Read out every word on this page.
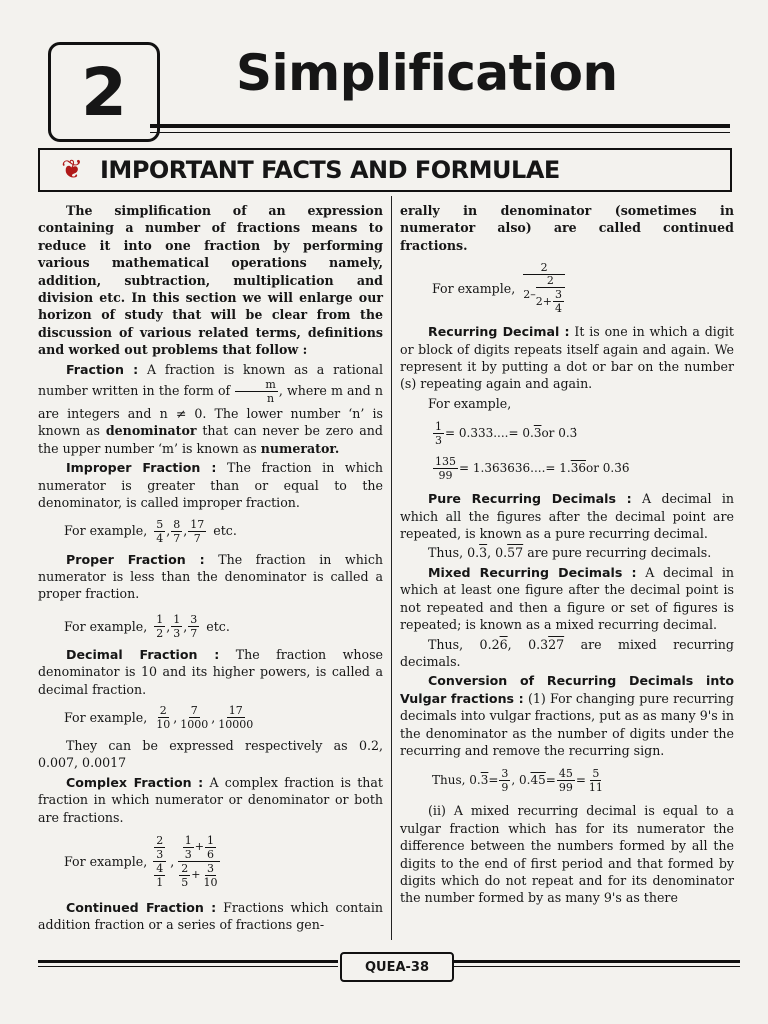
2 Simplification
❦ IMPORTANT FACTS AND FORMULAE

The simplification of an expression containing a number of fractions means to reduce it into one fraction by performing various mathematical operations namely, addition, subtraction, multiplication and division etc. In this section we will enlarge our horizon of study that will be clear from the discussion of various related terms, definitions and worked out problems that follow :

Fraction : A fraction is known as a rational number written in the form of $\frac{m}{n}$ , where m and n are integers and n ≠ 0. The lower number ‘n’ is known as denominator that can never be zero and the upper number ‘m’ is known as numerator.

Improper Fraction : The fraction in which numerator is greater than or equal to the denominator, is called improper fraction.

For example, $\frac{5}{4}$ , $\frac{8}{7}$ , $\frac{17}{7}$ etc.

Proper Fraction : The fraction in which numerator is less than the denominator is called a proper fraction.

For example, $\frac{1}{2}$ , $\frac{1}{3}$ , $\frac{3}{7}$ etc.

Decimal Fraction : The fraction whose denominator is 10 and its higher powers, is called a decimal fraction.

For example, $\frac{2}{10}$ , $\frac{7}{1000}$ , $\frac{17}{10000}$

They can be expressed respectively as 0.2, 0.007, 0.0017

Complex Fraction : A complex fraction is that fraction in which numerator or denominator or both are fractions.

For example,
$\frac{2}{3}$
$\frac{4}{1}$
,
$\frac{1}{3} + \frac{1}{6}$
$\frac{2}{5} + \frac{3}{10}$

Continued Fraction : Fractions which contain addition fraction or a series of fractions gen-

erally in denominator (sometimes in numerator also) are called continued fractions.

For example,
2
2 –
2
$2 + \frac{3}{4}$

Recurring Decimal : It is one in which a digit or block of digits repeats itself again and again. We represent it by putting a dot or bar on the number (s) repeating again and again.

For example,

$\frac{1}{3} = 0.333....= 0$. 3 or 0.3̇
$\frac{135}{99} = 1.363636....= 1$. 36 or 0.3̇6̇

Pure Recurring Decimals : A decimal in which all the figures after the decimal point are repeated, is known as a pure recurring decimal.

Thus, 0.3, 0.57 are pure recurring decimals.

Mixed Recurring Decimals : A decimal in which at least one figure after the decimal point is not repeated and then a figure or set of figures is repeated; is known as a mixed recurring decimal.

Thus, 0.26, 0.327 are mixed recurring decimals.

Conversion of Recurring Decimals into Vulgar fractions : (1) For changing pure recurring decimals into vulgar fractions, put as as many 9's in the denominator as the number of digits under the recurring and remove the recurring sign.

Thus, 0. $3 = \frac{3}{9}$ , 0. $45 = \frac{45}{99} = \frac{5}{11}$

(ii) A mixed recurring decimal is equal to a vulgar fraction which has for its numerator the difference between the numbers formed by all the digits to the end of first period and that formed by digits which do not repeat and for its denominator the number formed by as many 9's as there

QUEA-38
